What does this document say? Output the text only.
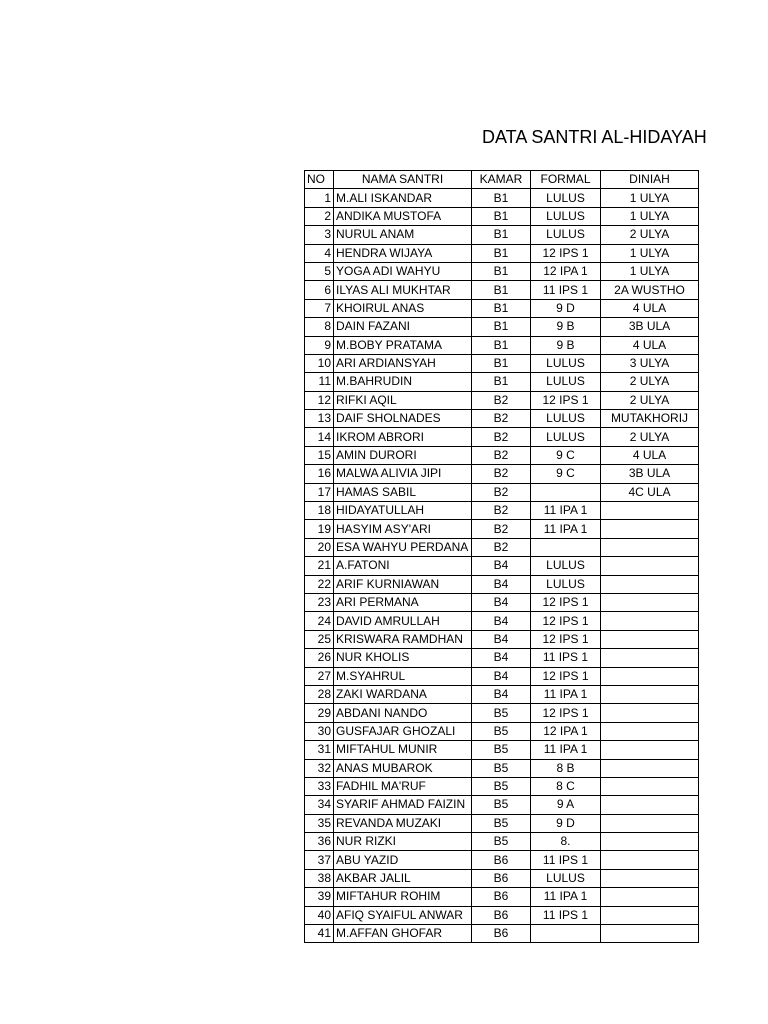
DATA SANTRI AL-HIDAYAH
NO	NAMA SANTRI	KAMAR	FORMAL	DINIAH
1	M.ALI ISKANDAR	B1	LULUS	1 ULYA
2	ANDIKA MUSTOFA	B1	LULUS	1 ULYA
3	NURUL ANAM	B1	LULUS	2 ULYA
4	HENDRA WIJAYA	B1	12 IPS 1	1 ULYA
5	YOGA ADI WAHYU	B1	12 IPA 1	1 ULYA
6	ILYAS ALI MUKHTAR	B1	11 IPS 1	2A WUSTHO
7	KHOIRUL ANAS	B1	9 D	4 ULA
8	DAIN FAZANI	B1	9 B	3B ULA
9	M.BOBY PRATAMA	B1	9 B	4 ULA
10	ARI ARDIANSYAH	B1	LULUS	3 ULYA
11	M.BAHRUDIN	B1	LULUS	2 ULYA
12	RIFKI AQIL	B2	12 IPS 1	2 ULYA
13	DAIF SHOLNADES	B2	LULUS	MUTAKHORIJ
14	IKROM ABRORI	B2	LULUS	2 ULYA
15	AMIN DURORI	B2	9 C	4 ULA
16	MALWA ALIVIA JIPI	B2	9 C	3B ULA
17	HAMAS SABIL	B2		4C ULA
18	HIDAYATULLAH	B2	11 IPA 1	
19	HASYIM ASY'ARI	B2	11 IPA 1	
20	ESA WAHYU PERDANA	B2		
21	A.FATONI	B4	LULUS	
22	ARIF KURNIAWAN	B4	LULUS	
23	ARI PERMANA	B4	12 IPS 1	
24	DAVID AMRULLAH	B4	12 IPS 1	
25	KRISWARA RAMDHAN	B4	12 IPS 1	
26	NUR KHOLIS	B4	11 IPS 1	
27	M.SYAHRUL	B4	12 IPS 1	
28	ZAKI WARDANA	B4	11 IPA 1	
29	ABDANI NANDO	B5	12 IPS 1	
30	GUSFAJAR GHOZALI	B5	12 IPA 1	
31	MIFTAHUL MUNIR	B5	11 IPA 1	
32	ANAS MUBAROK	B5	8 B	
33	FADHIL MA'RUF	B5	8 C	
34	SYARIF AHMAD FAIZIN	B5	9 A	
35	REVANDA MUZAKI	B5	9 D	
36	NUR RIZKI	B5	8.	
37	ABU YAZID	B6	11 IPS 1	
38	AKBAR JALIL	B6	LULUS	
39	MIFTAHUR ROHIM	B6	11 IPA 1	
40	AFIQ SYAIFUL ANWAR	B6	11 IPS 1	
41	M.AFFAN GHOFAR	B6		
